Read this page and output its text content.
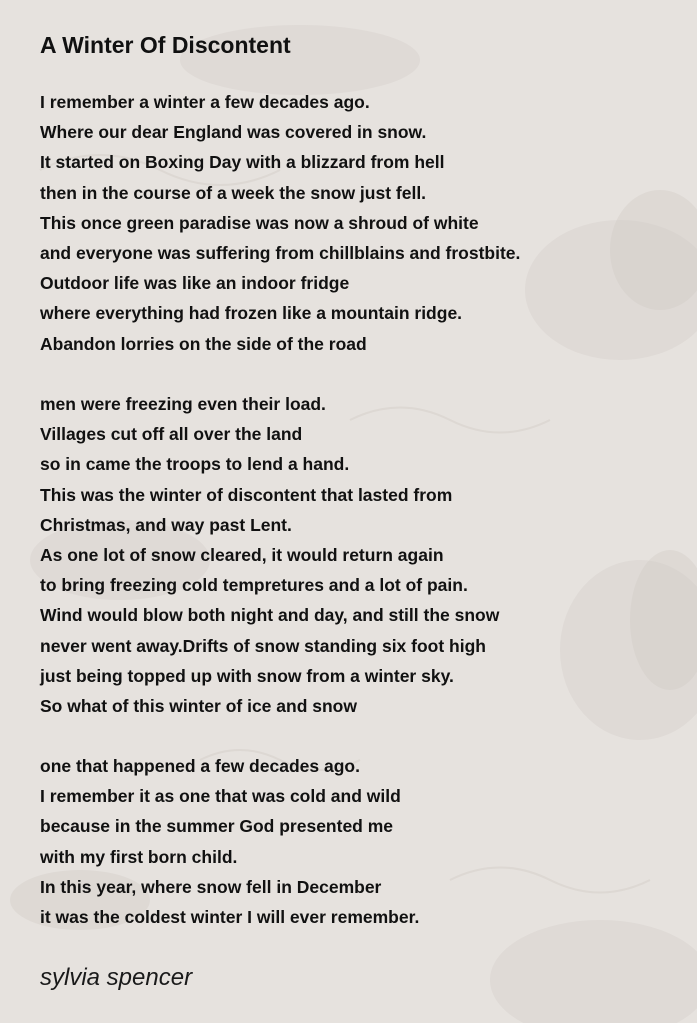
A Winter Of Discontent
I remember a winter a few decades ago.
Where our dear England was covered in snow.
It started on Boxing Day with a blizzard from hell
then in the course of a week the snow just fell.
This once green paradise was now a shroud of white
and everyone was suffering from chillblains and frostbite.
Outdoor life was like an indoor fridge
where everything had frozen like a mountain ridge.
Abandon lorries on the side of the road
men were freezing even their load.
Villages cut off all over the land
so in came the troops to lend a hand.
This was the winter of discontent that lasted from
Christmas, and way past Lent.
As one lot of snow cleared, it would return again
to bring freezing cold tempretures and a lot of pain.
Wind would blow both night and day, and still the snow
never went away.Drifts of snow standing six foot high
just being topped up with snow from a winter sky.
So what of this winter of ice and snow
one that happened a few decades ago.
I remember it as one that was cold and wild
because in the summer God presented me
with my first born child.
In this year, where snow fell in December
it was the coldest winter I will ever remember.

sylvia spencer
